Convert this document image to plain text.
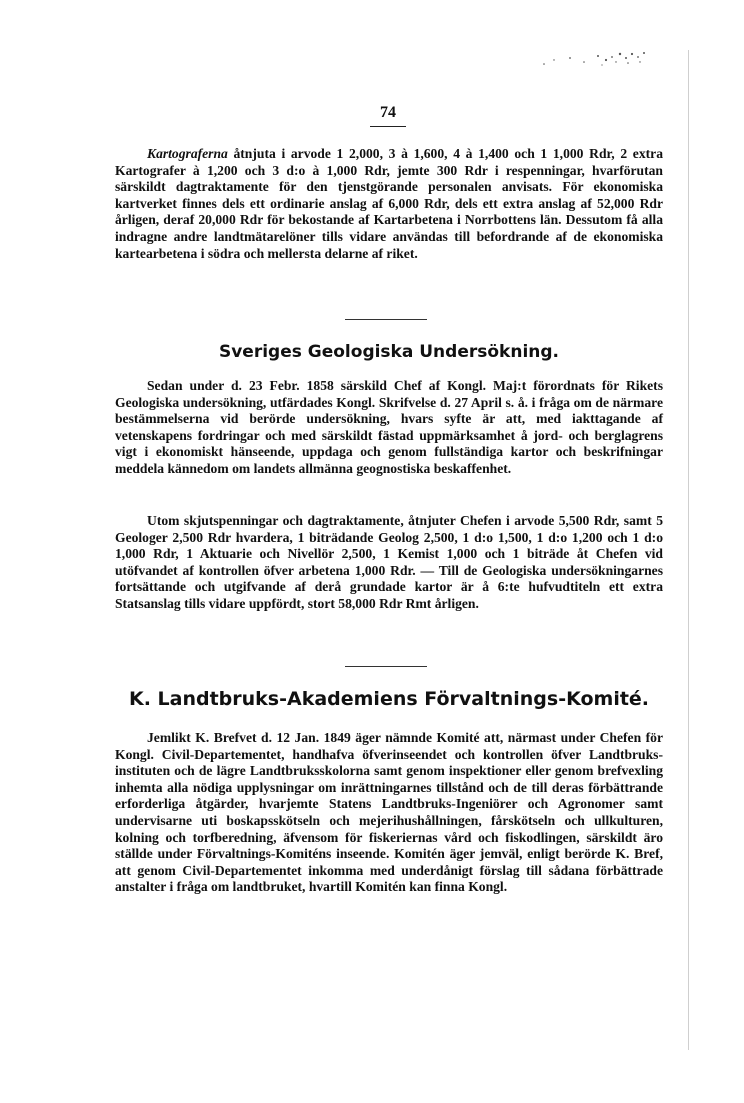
74

Kartograferna åtnjuta i arvode 1 2,000, 3 à 1,600, 4 à 1,400 och 1 1,000 Rdr, 2 extra Kartografer à 1,200 och 3 d:o à 1,000 Rdr, jemte 300 Rdr i respenningar, hvarförutan särskildt dagtraktamente för den tjenstgörande personalen anvisats. För ekonomiska kartverket finnes dels ett ordinarie anslag af 6,000 Rdr, dels ett extra anslag af 52,000 Rdr årligen, deraf 20,000 Rdr för bekostande af Kartarbetena i Norrbottens län. Dessutom få alla indragne andre landtmätarelöner tills vidare användas till befordrande af de ekonomiska kartearbetena i södra och mellersta delarne af riket.

Sveriges Geologiska Undersökning.

Sedan under d. 23 Febr. 1858 särskild Chef af Kongl. Maj:t förordnats för Rikets Geologiska undersökning, utfärdades Kongl. Skrifvelse d. 27 April s. å. i fråga om de närmare bestämmelserna vid berörde undersökning, hvars syfte är att, med iakttagande af vetenskapens fordringar och med särskildt fästad uppmärksamhet å jord- och berglagrens vigt i ekonomiskt hänseende, uppdaga och genom fullständiga kartor och beskrifningar meddela kännedom om landets allmänna geognostiska beskaffenhet.

Utom skjutspenningar och dagtraktamente, åtnjuter Chefen i arvode 5,500 Rdr, samt 5 Geologer 2,500 Rdr hvardera, 1 biträdande Geolog 2,500, 1 d:o 1,500, 1 d:o 1,200 och 1 d:o 1,000 Rdr, 1 Aktuarie och Nivellör 2,500, 1 Kemist 1,000 och 1 biträde åt Chefen vid utöfvandet af kontrollen öfver arbetena 1,000 Rdr. — Till de Geologiska undersökningarnes fortsättande och utgifvande af derå grundade kartor är å 6:te hufvudtiteln ett extra Statsanslag tills vidare uppfördt, stort 58,000 Rdr Rmt årligen.

K. Landtbruks-Akademiens Förvaltnings-Komité.

Jemlikt K. Brefvet d. 12 Jan. 1849 äger nämnde Komité att, närmast under Chefen för Kongl. Civil-Departementet, handhafva öfverinseendet och kontrollen öfver Landtbruks-instituten och de lägre Landtbruksskolorna samt genom inspektioner eller genom brefvexling inhemta alla nödiga upplysningar om inrättningarnes tillstånd och de till deras förbättrande erforderliga åtgärder, hvarjemte Statens Landtbruks-Ingeniörer och Agronomer samt undervisarne uti boskapsskötseln och mejerihushållningen, fårskötseln och ullkulturen, kolning och torfberedning, äfvensom för fiskeriernas vård och fiskodlingen, särskildt äro ställde under Förvaltnings-Komiténs inseende. Komitén äger jemväl, enligt berörde K. Bref, att genom Civil-Departementet inkomma med underdånigt förslag till sådana förbättrade anstalter i fråga om landtbruket, hvartill Komitén kan finna Kongl.
